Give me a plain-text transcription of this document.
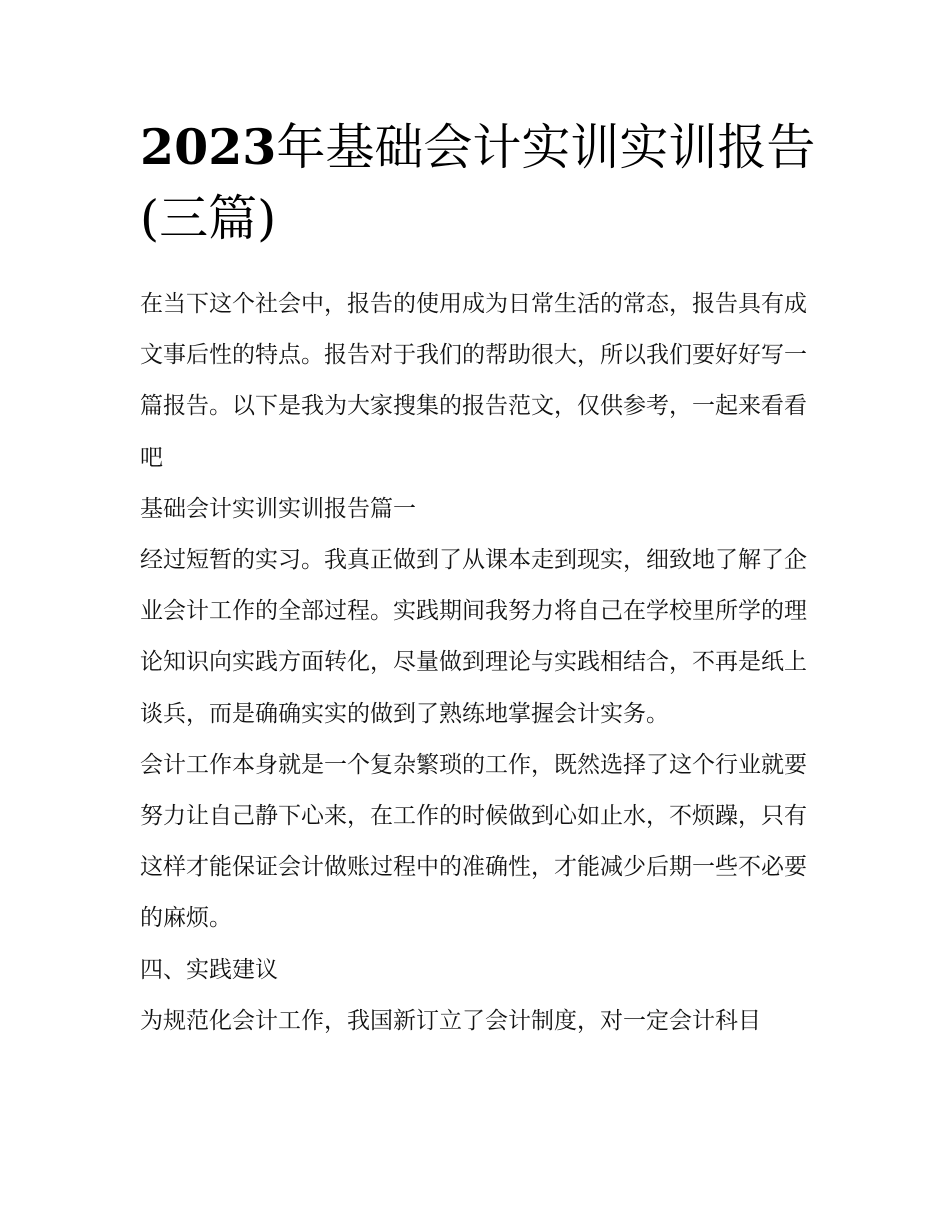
2023年基础会计实训实训报告(三篇)

在当下这个社会中，报告的使用成为日常生活的常态，报告具有成文事后性的特点。报告对于我们的帮助很大，所以我们要好好写一篇报告。以下是我为大家搜集的报告范文，仅供参考，一起来看看吧

基础会计实训实训报告篇一

经过短暂的实习。我真正做到了从课本走到现实，细致地了解了企业会计工作的全部过程。实践期间我努力将自己在学校里所学的理论知识向实践方面转化，尽量做到理论与实践相结合，不再是纸上谈兵，而是确确实实的做到了熟练地掌握会计实务。

会计工作本身就是一个复杂繁琐的工作，既然选择了这个行业就要努力让自己静下心来，在工作的时候做到心如止水，不烦躁，只有这样才能保证会计做账过程中的准确性，才能减少后期一些不必要的麻烦。

四、实践建议

为规范化会计工作，我国新订立了会计制度，对一定会计科目
